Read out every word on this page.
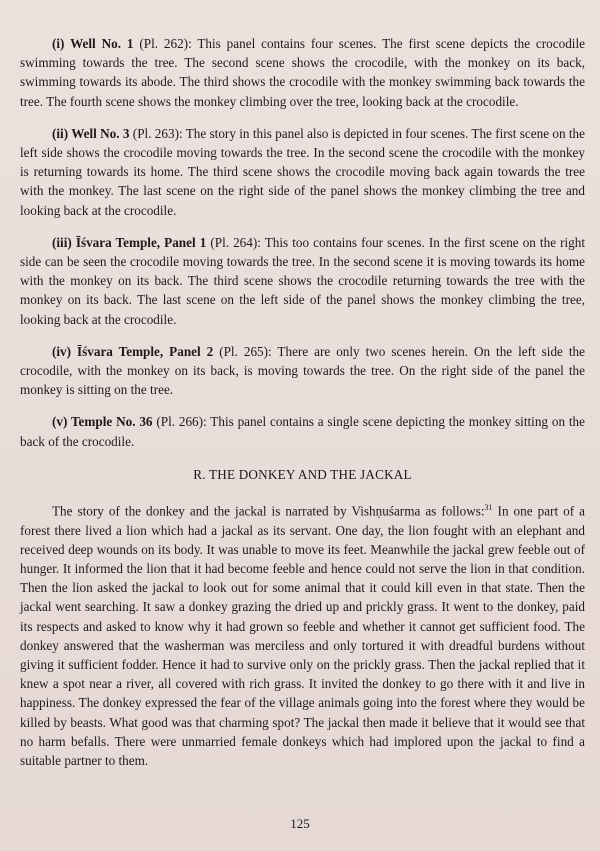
(i) Well No. 1 (Pl. 262): This panel contains four scenes. The first scene depicts the crocodile swimming towards the tree. The second scene shows the crocodile, with the monkey on its back, swimming towards its abode. The third shows the crocodile with the monkey swimming back towards the tree. The fourth scene shows the monkey climbing over the tree, looking back at the crocodile.

(ii) Well No. 3 (Pl. 263): The story in this panel also is depicted in four scenes. The first scene on the left side shows the crocodile moving towards the tree. In the second scene the crocodile with the monkey is returning towards its home. The third scene shows the crocodile moving back again towards the tree with the monkey. The last scene on the right side of the panel shows the monkey climbing the tree and looking back at the crocodile.

(iii) Īśvara Temple, Panel 1 (Pl. 264): This too contains four scenes. In the first scene on the right side can be seen the crocodile moving towards the tree. In the second scene it is moving towards its home with the monkey on its back. The third scene shows the crocodile returning towards the tree with the monkey on its back. The last scene on the left side of the panel shows the monkey climbing the tree, looking back at the crocodile.

(iv) Īśvara Temple, Panel 2 (Pl. 265): There are only two scenes herein. On the left side the crocodile, with the monkey on its back, is moving towards the tree. On the right side of the panel the monkey is sitting on the tree.

(v) Temple No. 36 (Pl. 266): This panel contains a single scene depicting the monkey sitting on the back of the crocodile.

R. THE DONKEY AND THE JACKAL

The story of the donkey and the jackal is narrated by Vishṇuśarma as follows:$^{31}$ In one part of a forest there lived a lion which had a jackal as its servant. One day, the lion fought with an elephant and received deep wounds on its body. It was unable to move its feet. Meanwhile the jackal grew feeble out of hunger. It informed the lion that it had become feeble and hence could not serve the lion in that condition. Then the lion asked the jackal to look out for some animal that it could kill even in that state. Then the jackal went searching. It saw a donkey grazing the dried up and prickly grass. It went to the donkey, paid its respects and asked to know why it had grown so feeble and whether it cannot get sufficient food. The donkey answered that the washerman was merciless and only tortured it with dreadful burdens without giving it sufficient fodder. Hence it had to survive only on the prickly grass. Then the jackal replied that it knew a spot near a river, all covered with rich grass. It invited the donkey to go there with it and live in happiness. The donkey expressed the fear of the village animals going into the forest where they would be killed by beasts. What good was that charming spot? The jackal then made it believe that it would see that no harm befalls. There were unmarried female donkeys which had implored upon the jackal to find a suitable partner to them.

125
